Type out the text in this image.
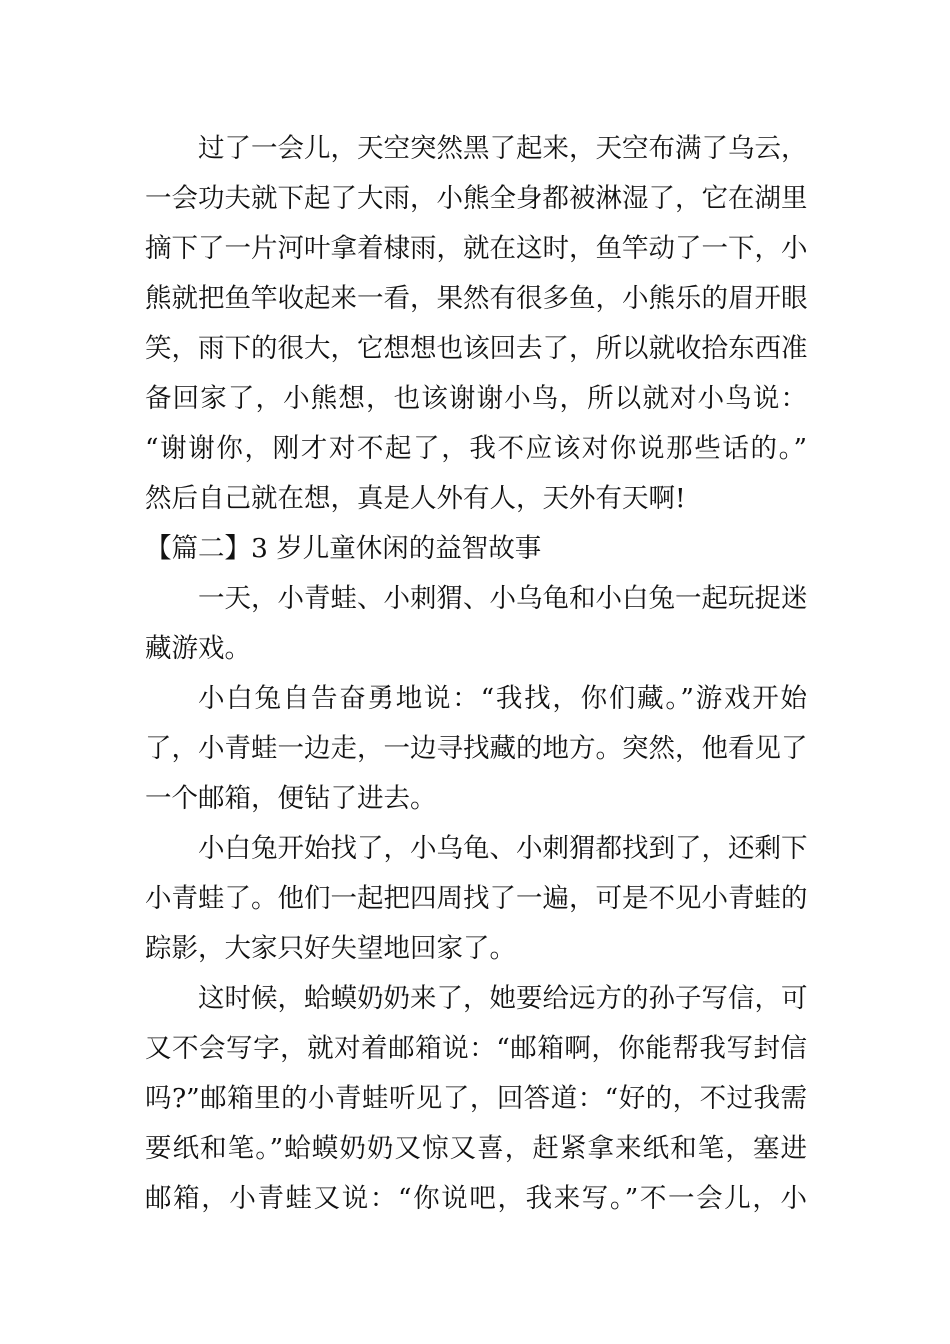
过了一会儿，天空突然黑了起来，天空布满了乌云，
一会功夫就下起了大雨，小熊全身都被淋湿了，它在湖里
摘下了一片河叶拿着棣雨，就在这时，鱼竿动了一下，小
熊就把鱼竿收起来一看，果然有很多鱼，小熊乐的眉开眼
笑，雨下的很大，它想想也该回去了，所以就收拾东西准
备回家了，小熊想，也该谢谢小鸟，所以就对小鸟说：
“谢谢你，刚才对不起了，我不应该对你说那些话的。”
然后自己就在想，真是人外有人，天外有天啊!
【篇二】3 岁儿童休闲的益智故事
一天，小青蛙、小刺猬、小乌龟和小白兔一起玩捉迷
藏游戏。
小白兔自告奋勇地说：“我找，你们藏。”游戏开始
了，小青蛙一边走，一边寻找藏的地方。突然，他看见了
一个邮箱，便钻了进去。
小白兔开始找了，小乌龟、小刺猬都找到了，还剩下
小青蛙了。他们一起把四周找了一遍，可是不见小青蛙的
踪影，大家只好失望地回家了。
这时候，蛤蟆奶奶来了，她要给远方的孙子写信，可
又不会写字，就对着邮箱说：“邮箱啊，你能帮我写封信
吗?”邮箱里的小青蛙听见了，回答道：“好的，不过我需
要纸和笔。”蛤蟆奶奶又惊又喜，赶紧拿来纸和笔，塞进
邮箱，小青蛙又说：“你说吧，我来写。”不一会儿，小
